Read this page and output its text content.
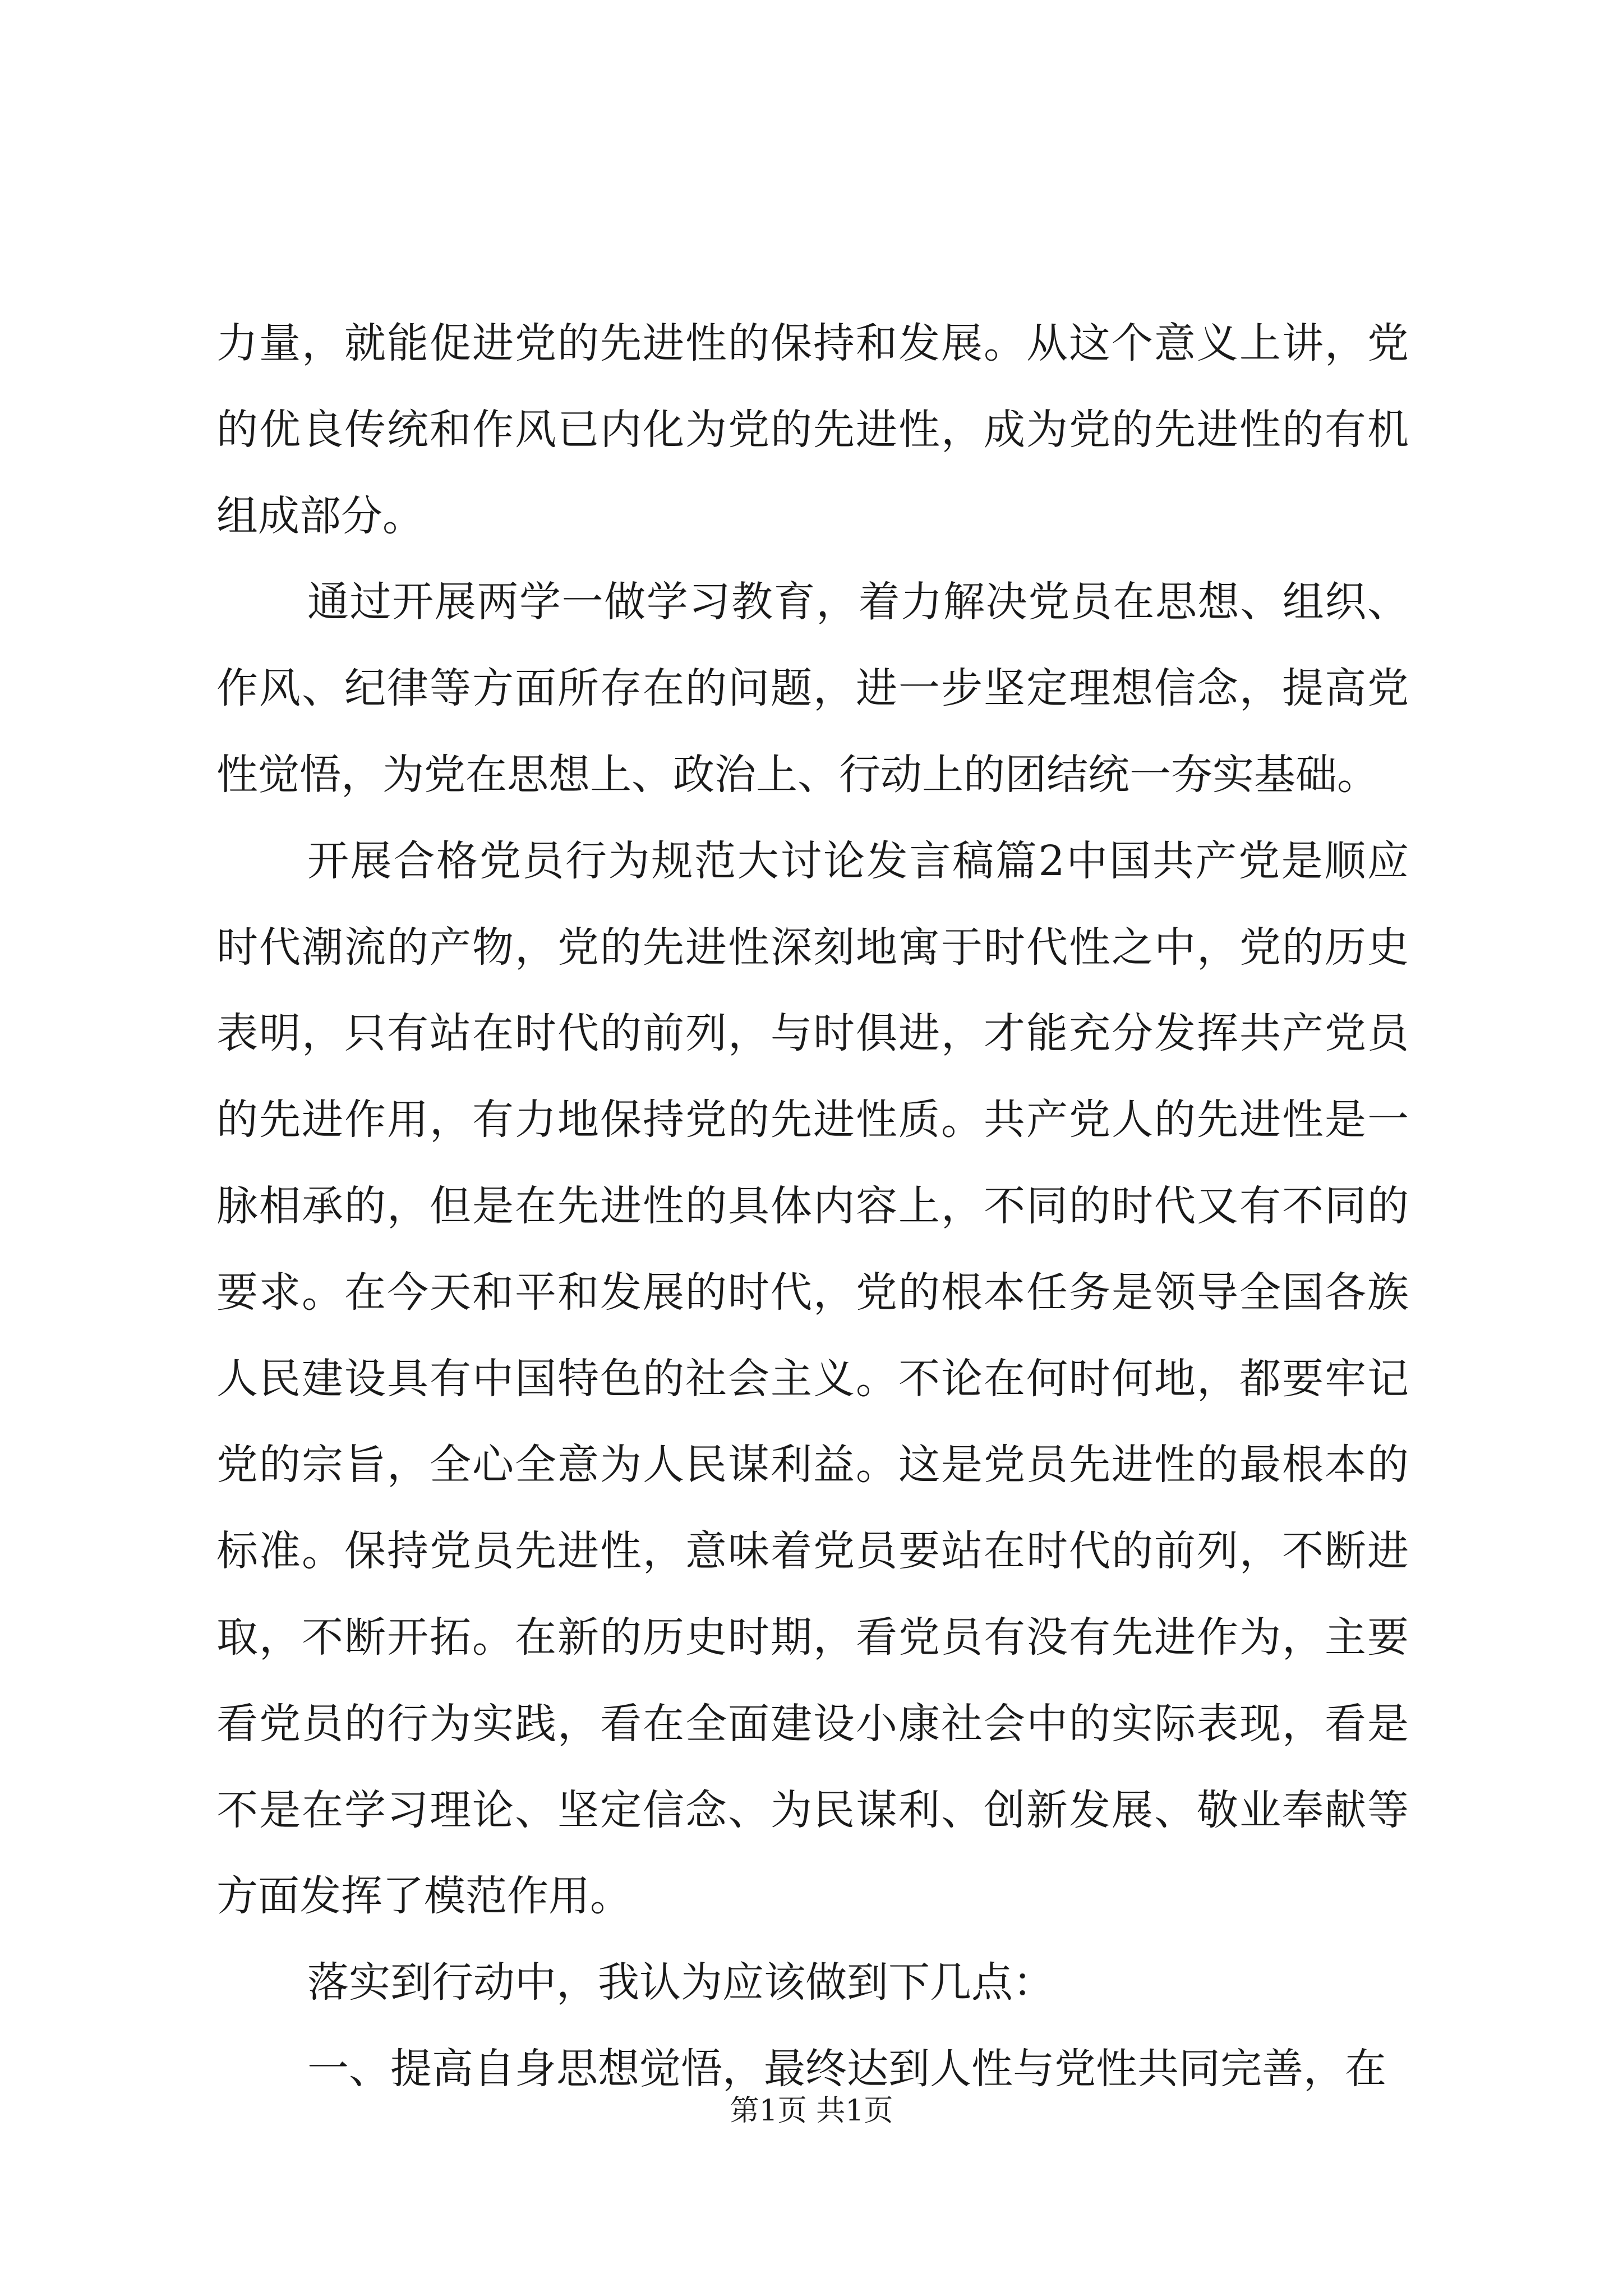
力量，就能促进党的先进性的保持和发展。从这个意义上讲，党的优良传统和作风已内化为党的先进性，成为党的先进性的有机组成部分。

通过开展两学一做学习教育，着力解决党员在思想、组织、作风、纪律等方面所存在的问题，进一步坚定理想信念，提高党性觉悟，为党在思想上、政治上、行动上的团结统一夯实基础。

开展合格党员行为规范大讨论发言稿篇2中国共产党是顺应时代潮流的产物，党的先进性深刻地寓于时代性之中，党的历史表明，只有站在时代的前列，与时俱进，才能充分发挥共产党员的先进作用，有力地保持党的先进性质。共产党人的先进性是一脉相承的，但是在先进性的具体内容上，不同的时代又有不同的要求。在今天和平和发展的时代，党的根本任务是领导全国各族人民建设具有中国特色的社会主义。不论在何时何地，都要牢记党的宗旨，全心全意为人民谋利益。这是党员先进性的最根本的标准。保持党员先进性，意味着党员要站在时代的前列，不断进取，不断开拓。在新的历史时期，看党员有没有先进作为，主要看党员的行为实践，看在全面建设小康社会中的实际表现，看是不是在学习理论、坚定信念、为民谋利、创新发展、敬业奉献等方面发挥了模范作用。

落实到行动中，我认为应该做到下几点：

一、提高自身思想觉悟，最终达到人性与党性共同完善，在

第1页 共1页
